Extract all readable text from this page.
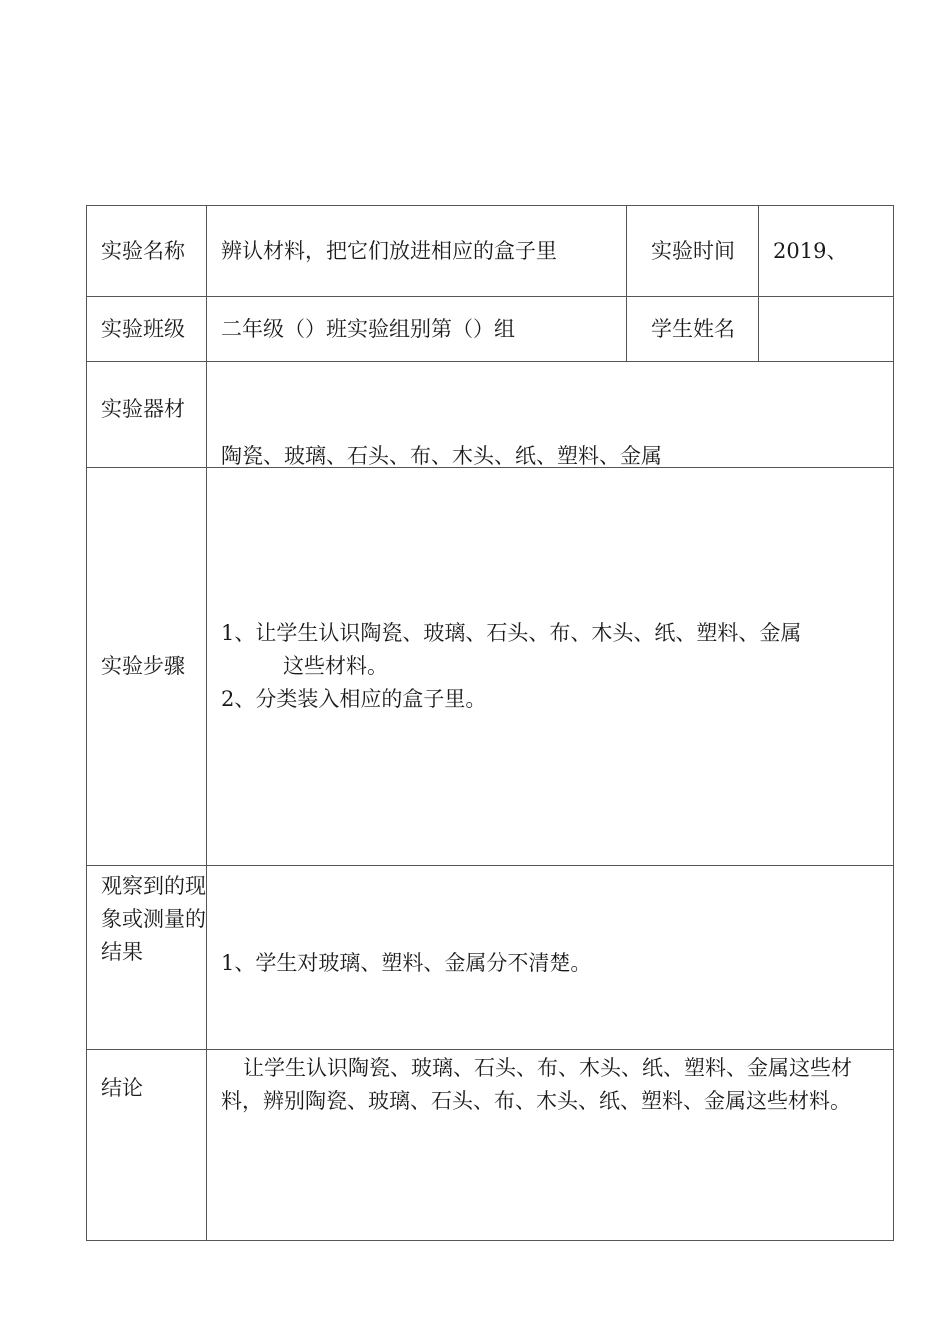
实验名称	辨认材料，把它们放进相应的盒子里	实验时间	2019、
实验班级	二年级（）班实验组别第（）组	学生姓名	

实验器材	陶瓷、玻璃、石头、布、木头、纸、塑料、金属		

实验步骤	1、让学生认识陶瓷、玻璃、石头、布、木头、纸、塑料、金属
这些材料。
2、分类装入相应的盒子里。		

观察到的现象或测量的结果	1、学生对玻璃、塑料、金属分不清楚。		

结论	让学生认识陶瓷、玻璃、石头、布、木头、纸、塑料、金属这些材料，辨别陶瓷、玻璃、石头、布、木头、纸、塑料、金属这些材料。		
